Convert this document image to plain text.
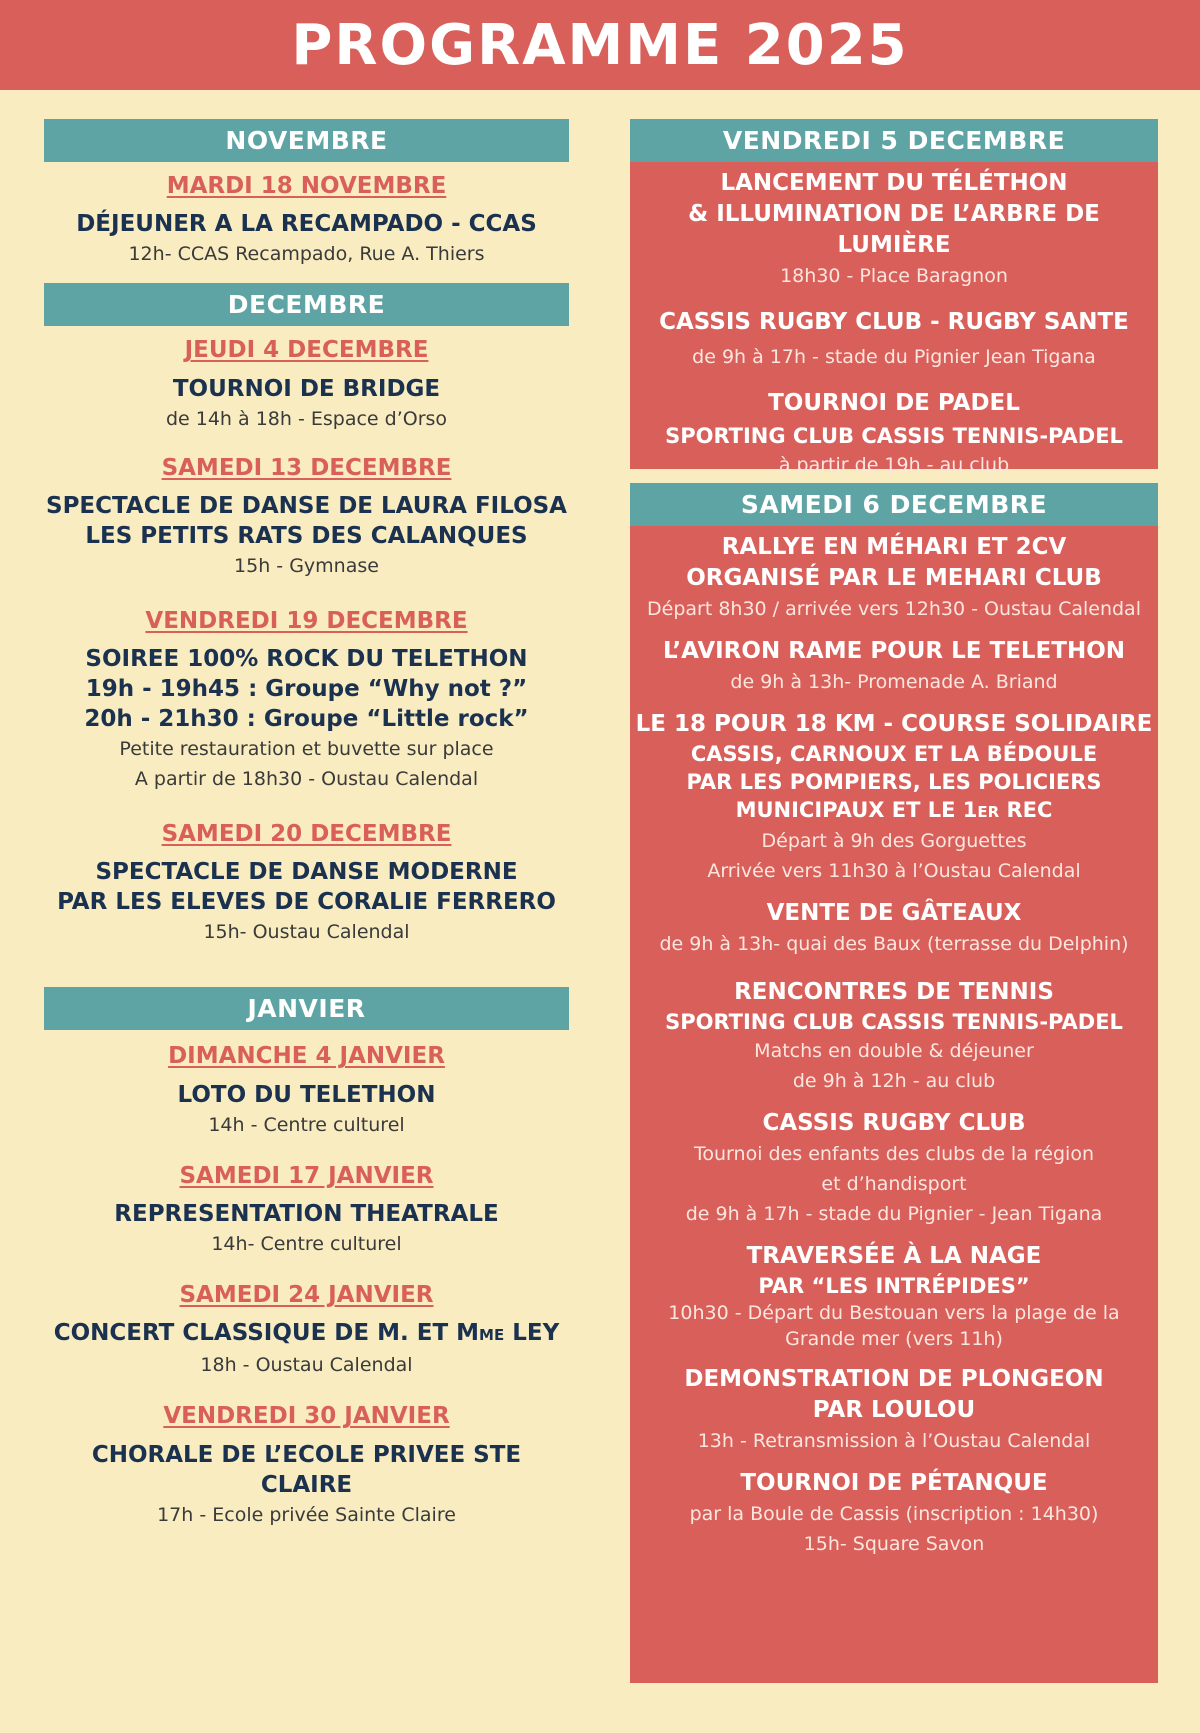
PROGRAMME 2025
NOVEMBRE
MARDI 18 NOVEMBRE
DÉJEUNER A LA RECAMPADO - CCAS
12h- CCAS Recampado, Rue A. Thiers
DECEMBRE
JEUDI 4 DECEMBRE
TOURNOI DE BRIDGE
de 14h à 18h - Espace d’Orso
SAMEDI 13 DECEMBRE
SPECTACLE DE DANSE DE LAURA FILOSA
LES PETITS RATS DES CALANQUES
15h - Gymnase
VENDREDI 19 DECEMBRE
SOIREE 100% ROCK DU TELETHON
19h - 19h45 : Groupe “Why not ?”
20h - 21h30 : Groupe “Little rock”
Petite restauration et buvette sur place
A partir de 18h30 - Oustau Calendal
SAMEDI 20 DECEMBRE
SPECTACLE DE DANSE MODERNE
PAR LES ELEVES DE CORALIE FERRERO
15h- Oustau Calendal
JANVIER
DIMANCHE 4 JANVIER
LOTO DU TELETHON
14h - Centre culturel
SAMEDI 17 JANVIER
REPRESENTATION THEATRALE
14h- Centre culturel
SAMEDI 24 JANVIER
CONCERT CLASSIQUE DE M. ET MME LEY
18h - Oustau Calendal
VENDREDI 30 JANVIER
CHORALE DE L’ECOLE PRIVEE STE CLAIRE
17h - Ecole privée Sainte Claire
VENDREDI 5 DECEMBRE
LANCEMENT DU TÉLÉTHON
& ILLUMINATION DE L’ARBRE DE LUMIÈRE
18h30 - Place Baragnon
CASSIS RUGBY CLUB - RUGBY SANTE
de 9h à 17h - stade du Pignier Jean Tigana
TOURNOI DE PADEL
SPORTING CLUB CASSIS TENNIS-PADEL
à partir de 19h - au club
SAMEDI 6 DECEMBRE
RALLYE EN MÉHARI ET 2CV
ORGANISÉ PAR LE MEHARI CLUB
Départ 8h30 / arrivée vers 12h30 - Oustau Calendal
L’AVIRON RAME POUR LE TELETHON
de 9h à 13h- Promenade A. Briand
LE 18 POUR 18 KM - COURSE SOLIDAIRE
CASSIS, CARNOUX ET LA BÉDOULE
PAR LES POMPIERS, LES POLICIERS
MUNICIPAUX ET LE 1ER REC
Départ à 9h des Gorguettes
Arrivée vers 11h30 à l’Oustau Calendal
VENTE DE GÂTEAUX
de 9h à 13h- quai des Baux (terrasse du Delphin)
RENCONTRES DE TENNIS
SPORTING CLUB CASSIS TENNIS-PADEL
Matchs en double & déjeuner
de 9h à 12h - au club
CASSIS RUGBY CLUB
Tournoi des enfants des clubs de la région
et d’handisport
de 9h à 17h - stade du Pignier - Jean Tigana
TRAVERSÉE À LA NAGE
PAR “LES INTRÉPIDES”
10h30 - Départ du Bestouan vers la plage de la
Grande mer (vers 11h)
DEMONSTRATION DE PLONGEON
PAR LOULOU
13h - Retransmission à l’Oustau Calendal
TOURNOI DE PÉTANQUE
par la Boule de Cassis (inscription : 14h30)
15h- Square Savon
